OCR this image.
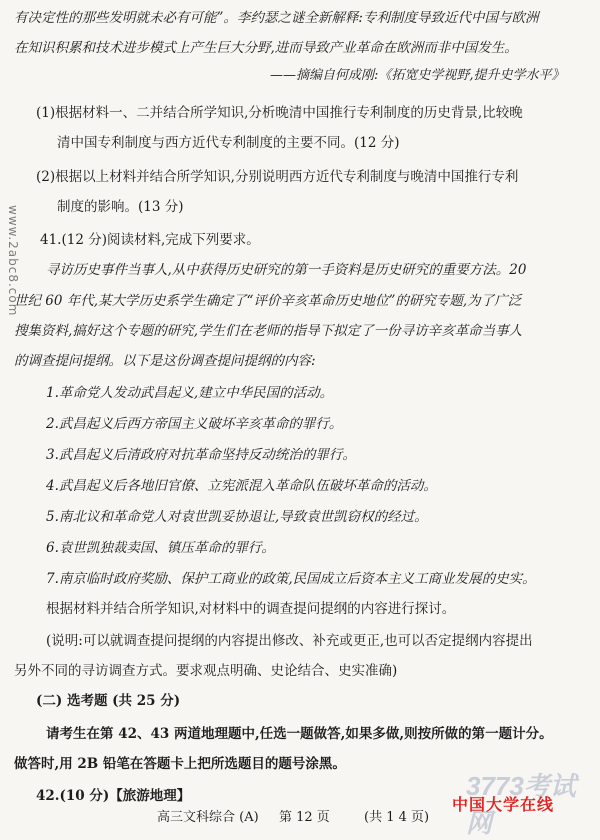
有决定性的那些发明就未必有可能”。李约瑟之谜全新解释:专利制度导致近代中国与欧洲
在知识积累和技术进步模式上产生巨大分野,进而导致产业革命在欧洲而非中国发生。
——摘编自何成刚:《拓宽史学视野,提升史学水平》
(1)根据材料一、二并结合所学知识,分析晚清中国推行专利制度的历史背景,比较晚
清中国专利制度与西方近代专利制度的主要不同。(12 分)
(2)根据以上材料并结合所学知识,分别说明西方近代专利制度与晚清中国推行专利
制度的影响。(13 分)
41.(12 分)阅读材料,完成下列要求。
寻访历史事件当事人,从中获得历史研究的第一手资料是历史研究的重要方法。20
世纪 60 年代,某大学历史系学生确定了“评价辛亥革命历史地位”的研究专题,为了广泛
搜集资料,搞好这个专题的研究,学生们在老师的指导下拟定了一份寻访辛亥革命当事人
的调查提问提纲。以下是这份调查提问提纲的内容:
1.革命党人发动武昌起义,建立中华民国的活动。
2.武昌起义后西方帝国主义破坏辛亥革命的罪行。
3.武昌起义后清政府对抗革命坚持反动统治的罪行。
4.武昌起义后各地旧官僚、立宪派混入革命队伍破坏革命的活动。
5.南北议和革命党人对袁世凯妥协退让,导致袁世凯窃权的经过。
6.袁世凯独裁卖国、镇压革命的罪行。
7.南京临时政府奖励、保护工商业的政策,民国成立后资本主义工商业发展的史实。
根据材料并结合所学知识,对材料中的调查提问提纲的内容进行探讨。
(说明:可以就调查提问提纲的内容提出修改、补充或更正,也可以否定提纲内容提出
另外不同的寻访调查方式。要求观点明确、史论结合、史实准确)
(二) 选考题 (共 25 分)
请考生在第 42、43 两道地理题中,任选一题做答,如果多做,则按所做的第一题计分。
做答时,用 2B 铅笔在答题卡上把所选题目的题号涂黑。
42.(10 分)【旅游地理】
www.2abc8.com
3773考试网
中国大学在线
高三文科综合 (A) 第 12 页	(共 1 4 页)
